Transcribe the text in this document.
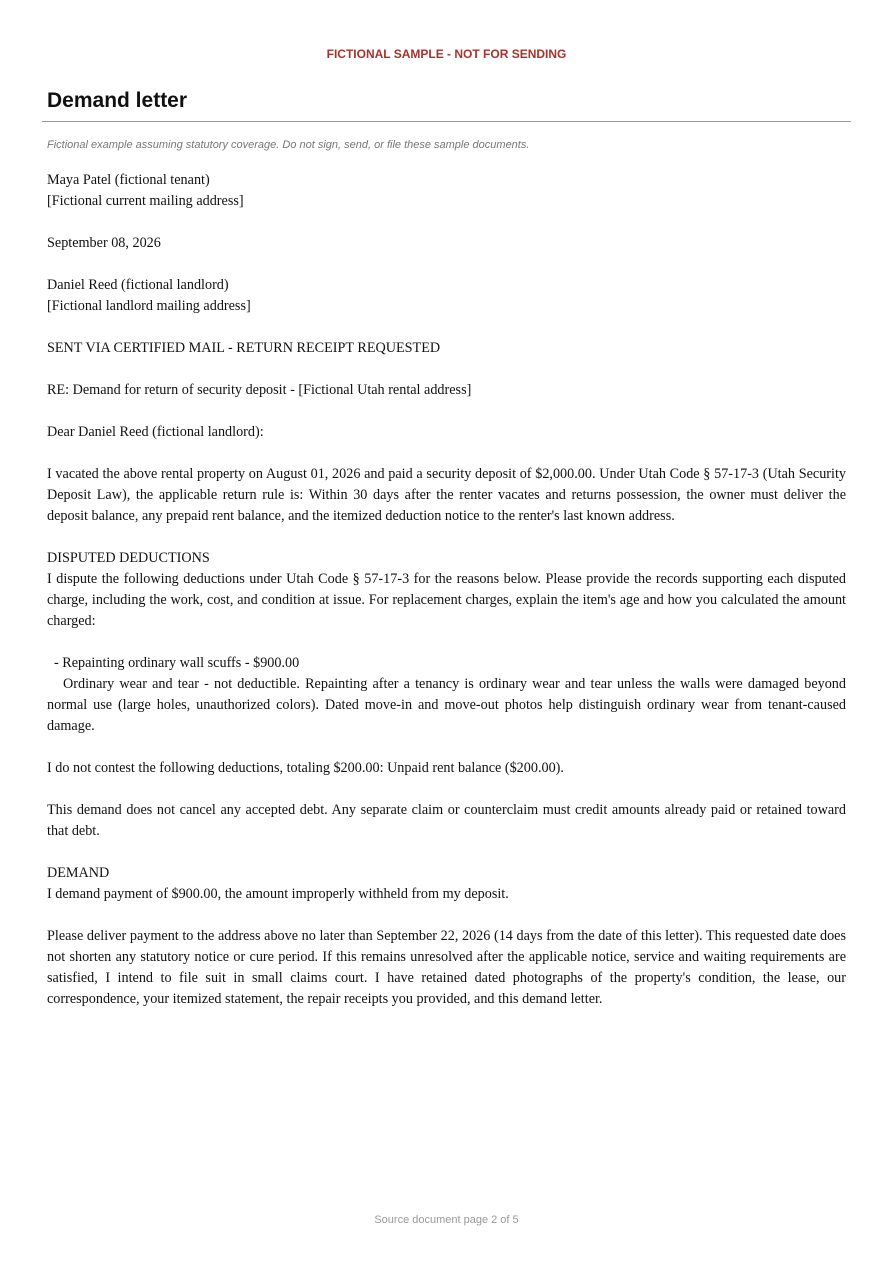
FICTIONAL SAMPLE - NOT FOR SENDING
Demand letter
Fictional example assuming statutory coverage. Do not sign, send, or file these sample documents.

Maya Patel (fictional tenant)
[Fictional current mailing address]

September 08, 2026

Daniel Reed (fictional landlord)
[Fictional landlord mailing address]

SENT VIA CERTIFIED MAIL - RETURN RECEIPT REQUESTED

RE: Demand for return of security deposit - [Fictional Utah rental address]

Dear Daniel Reed (fictional landlord):

I vacated the above rental property on August 01, 2026 and paid a security deposit of $2,000.00. Under Utah Code § 57-17-3 (Utah Security Deposit Law), the applicable return rule is: Within 30 days after the renter vacates and returns possession, the owner must deliver the deposit balance, any prepaid rent balance, and the itemized deduction notice to the renter's last known address.

DISPUTED DEDUCTIONS
I dispute the following deductions under Utah Code § 57-17-3 for the reasons below. Please provide the records supporting each disputed charge, including the work, cost, and condition at issue. For replacement charges, explain the item's age and how you calculated the amount charged:

- Repainting ordinary wall scuffs - $900.00
Ordinary wear and tear - not deductible. Repainting after a tenancy is ordinary wear and tear unless the walls were damaged beyond normal use (large holes, unauthorized colors). Dated move-in and move-out photos help distinguish ordinary wear from tenant-caused damage.

I do not contest the following deductions, totaling $200.00: Unpaid rent balance ($200.00).

This demand does not cancel any accepted debt. Any separate claim or counterclaim must credit amounts already paid or retained toward that debt.

DEMAND
I demand payment of $900.00, the amount improperly withheld from my deposit.

Please deliver payment to the address above no later than September 22, 2026 (14 days from the date of this letter). This requested date does not shorten any statutory notice or cure period. If this remains unresolved after the applicable notice, service and waiting requirements are satisfied, I intend to file suit in small claims court. I have retained dated photographs of the property's condition, the lease, our correspondence, your itemized statement, the repair receipts you provided, and this demand letter.

Source document page 2 of 5
